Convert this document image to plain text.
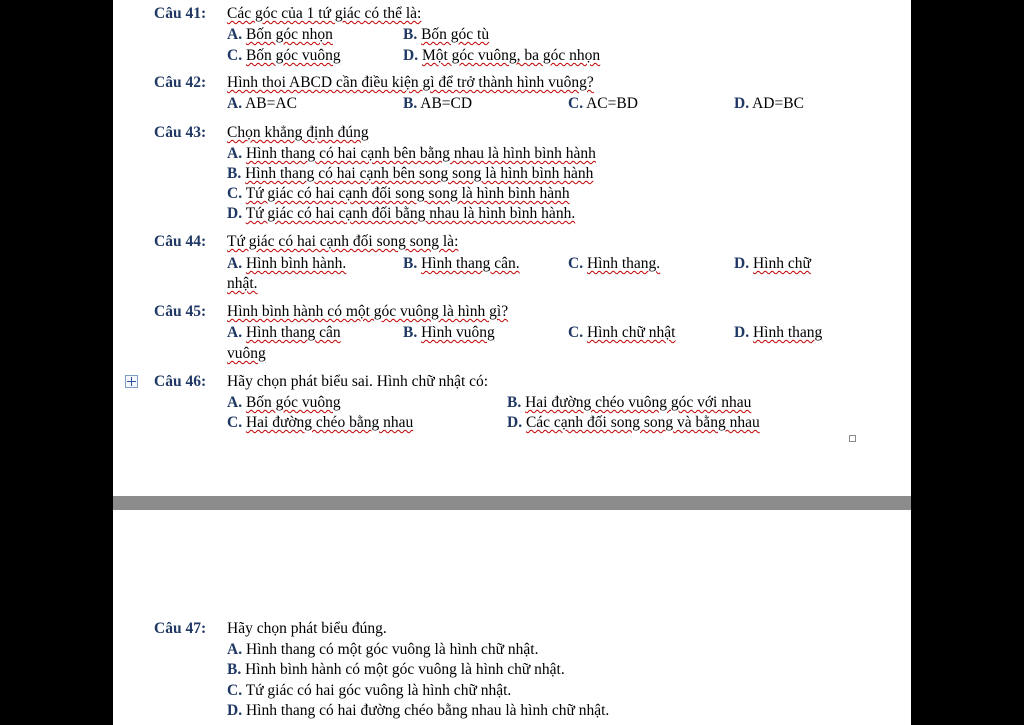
Câu 41: Các góc của 1 tứ giác có thể là:
A. Bốn góc nhọn	B. Bốn góc tù
C. Bốn góc vuông	D. Một góc vuông, ba góc nhọn
Câu 42: Hình thoi ABCD cần điều kiện gì để trở thành hình vuông?
A. AB=AC	B. AB=CD	C. AC=BD	D. AD=BC
Câu 43: Chọn khẳng định đúng
A. Hình thang có hai cạnh bên bằng nhau là hình bình hành
B. Hình thang có hai cạnh bên song song là hình bình hành
C. Tứ giác có hai cạnh đối song song là hình bình hành
D. Tứ giác có hai cạnh đối bằng nhau là hình bình hành.
Câu 44: Tứ giác có hai cạnh đối song song là:
A. Hình bình hành.	B. Hình thang cân.	C. Hình thang.	D. Hình chữ
nhật.
Câu 45: Hình bình hành có một góc vuông là hình gì?
A. Hình thang cân	B. Hình vuông	C. Hình chữ nhật	D. Hình thang
vuông
Câu 46: Hãy chọn phát biểu sai. Hình chữ nhật có:
A. Bốn góc vuông	B. Hai đường chéo vuông góc với nhau
C. Hai đường chéo bằng nhau	D. Các cạnh đối song song và bằng nhau
Câu 47: Hãy chọn phát biểu đúng.
A. Hình thang có một góc vuông là hình chữ nhật.
B. Hình bình hành có một góc vuông là hình chữ nhật.
C. Tứ giác có hai góc vuông là hình chữ nhật.
D. Hình thang có hai đường chéo bằng nhau là hình chữ nhật.
